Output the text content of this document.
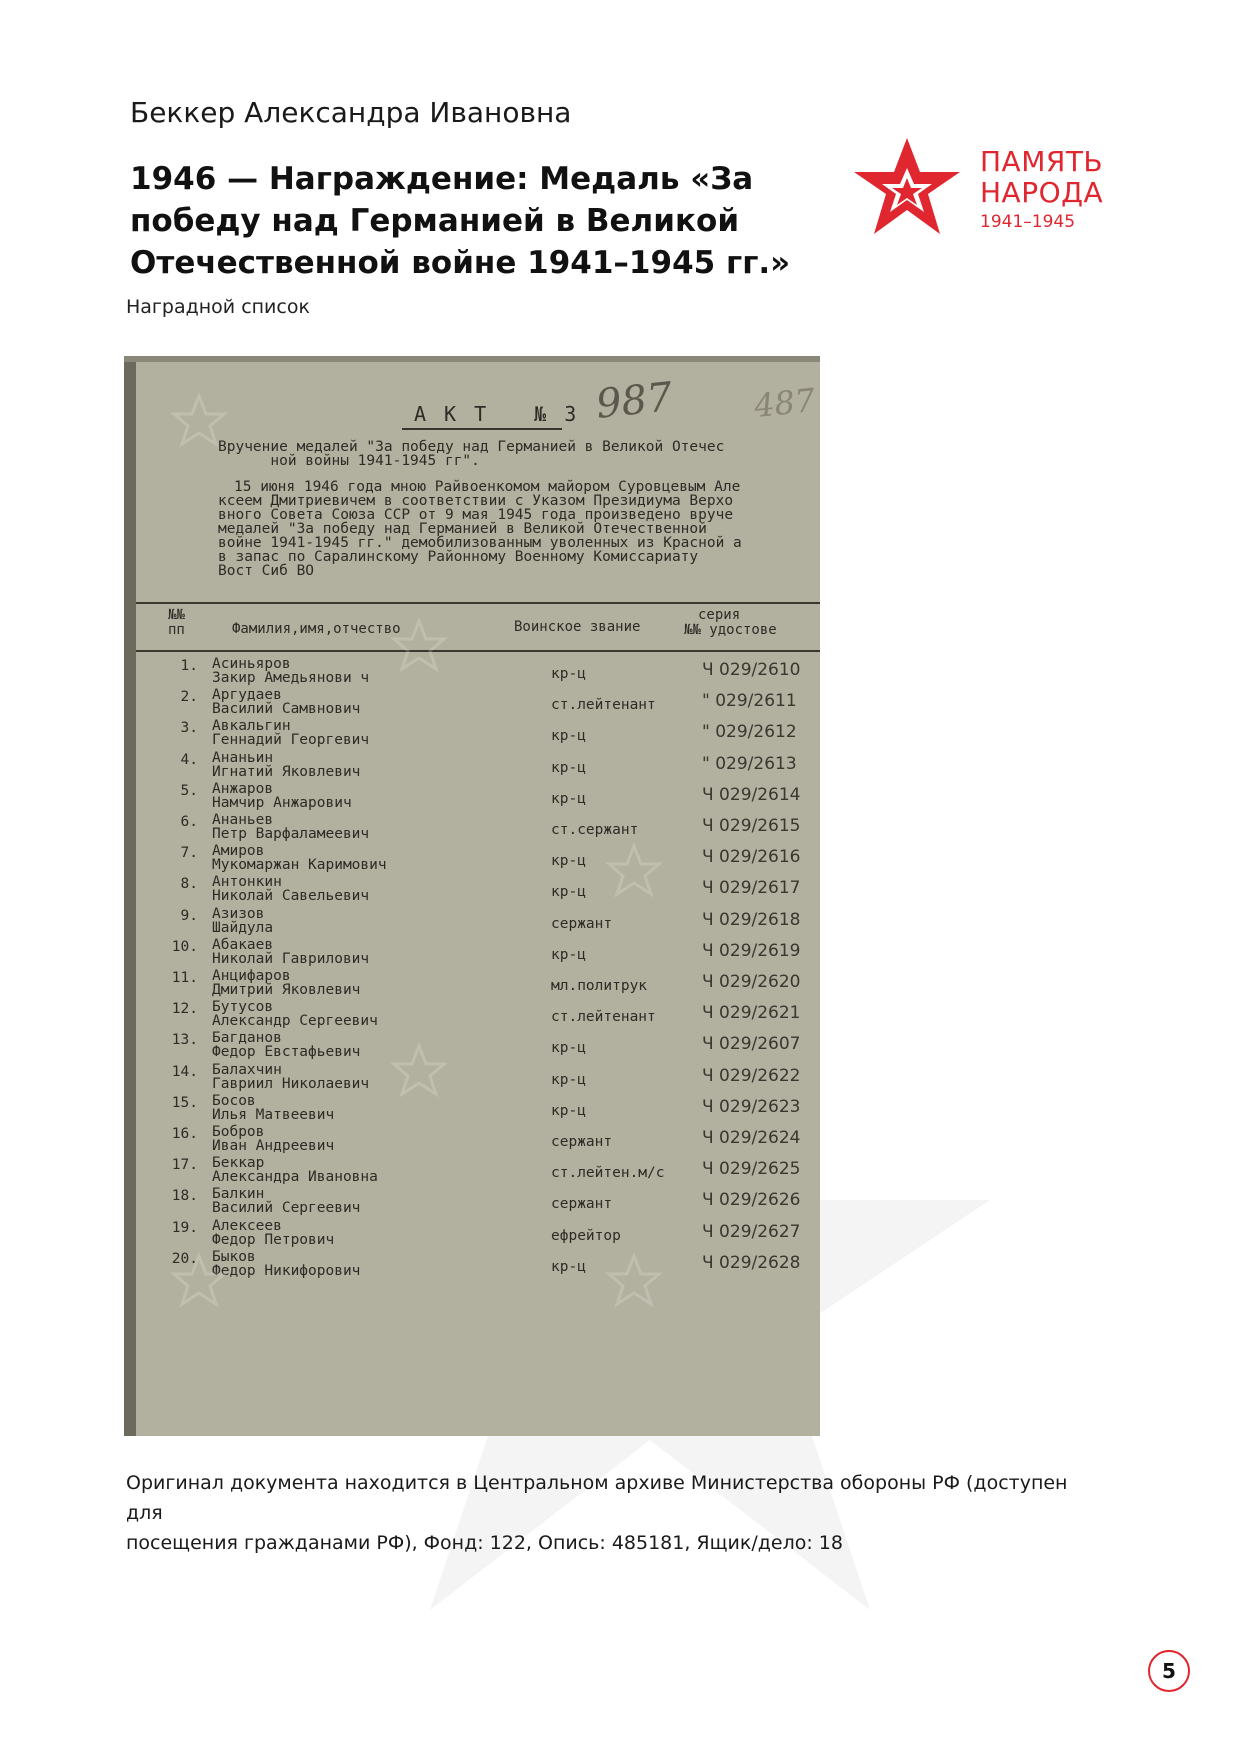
Беккер Александра Ивановна
1946 — Награждение: Медаль «За
победу над Германией в Великой
Отечественной войне 1941–1945 гг.»
Наградной список
ПАМЯТЬ
НАРОДА
1941–1945
АКТ №3 987 487
Вручение медалей "За победу над Германией в Великой Отечес
ной войны 1941-1945 гг".
15 июня 1946 года мною Райвоенкомом майором Суровцевым Але
ксеем Дмитриевичем в соответствии с Указом Президиума Верхо
вного Совета Союза ССР от 9 мая 1945 года произведено вруче
медалей "За победу над Германией в Великой Отечественной
войне 1941-1945 гг." демобилизованным уволенных из Красной а
в запас по Саралинскому Районному Военному Комиссариату
Вост Сиб ВО
№№
пп	Фамилия,имя,отчество	Воинское звание
серия
№№ удостове
1. Асиньяров
Закир Амедьянови ч	кр-ц	Ч 029/2610
2. Аргудаев
Василий Самвнович	ст.лейтенант	" 029/2611
3. Авкальгин
Геннадий Георгевич	кр-ц	" 029/2612
4. Ананьин
Игнатий Яковлевич	кр-ц	" 029/2613
5. Анжаров
Намчир Анжарович	кр-ц	Ч 029/2614
6. Ананьев
Петр Варфаламеевич	ст.сержант	Ч 029/2615
7. Амиров
Мукомаржан Каримович	кр-ц	Ч 029/2616
8. Антонкин
Николай Савельевич	кр-ц	Ч 029/2617
9. Азизов
Шайдула	сержант	Ч 029/2618
10. Абакаев
Николай Гаврилович	кр-ц	Ч 029/2619
11. Анцифаров
Дмитрий Яковлевич	мл.политрук	Ч 029/2620
12. Бутусов
Александр Сергеевич	ст.лейтенант	Ч 029/2621
13. Багданов
Федор Евстафьевич	кр-ц	Ч 029/2607
14. Балахчин
Гавриил Николаевич	кр-ц	Ч 029/2622
15. Босов
Илья Матвеевич	кр-ц	Ч 029/2623
16. Бобров
Иван Андреевич	сержант	Ч 029/2624
17. Беккар
Александра Ивановна	ст.лейтен.м/с Ч 029/2625
18. Балкин
Василий Сергеевич	сержант	Ч 029/2626
19. Алексеев
Федор Петрович	ефрейтор	Ч 029/2627
20. Быков
Федор Никифорович	кр-ц	Ч 029/2628
Оригинал документа находится в Центральном архиве Министерства обороны РФ (доступен для
посещения гражданами РФ), Фонд: 122, Опись: 485181, Ящик/дело: 18
5
